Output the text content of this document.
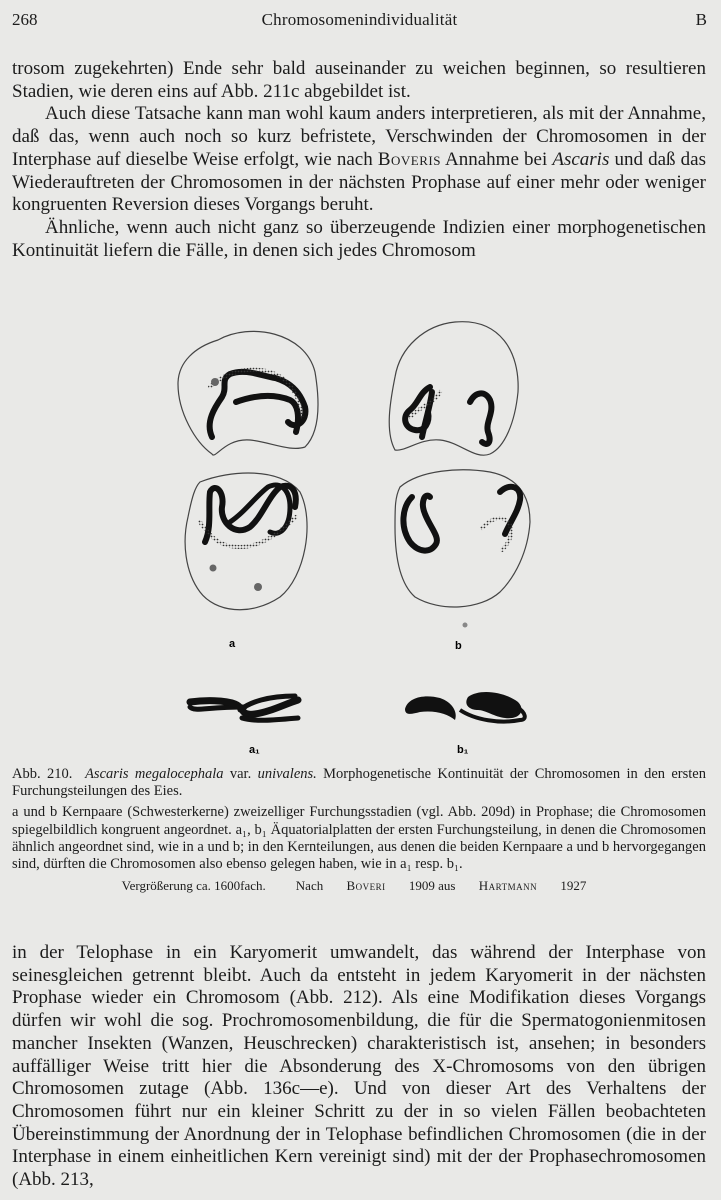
268	Chromosomenindividualität	B

trosom zugekehrten) Ende sehr bald auseinander zu weichen beginnen, so resultieren Stadien, wie deren eins auf Abb. 211c abgebildet ist.

Auch diese Tatsache kann man wohl kaum anders interpretieren, als mit der Annahme, daß das, wenn auch noch so kurz befristete, Verschwinden der Chromosomen in der Interphase auf dieselbe Weise erfolgt, wie nach Boveris Annahme bei Ascaris und daß das Wiederauftreten der Chromosomen in der nächsten Prophase auf einer mehr oder weniger kongruenten Reversion dieses Vorgangs beruht.

Ähnliche, wenn auch nicht ganz so überzeugende Indizien einer morphogenetischen Kontinuität liefern die Fälle, in denen sich jedes Chromosom

a	b
a₁	b₁

Abb. 210. Ascaris megalocephala var. univalens. Morphogenetische Kontinuität der Chromosomen in den ersten Furchungsteilungen des Eies.

a und b Kernpaare (Schwesterkerne) zweizelliger Furchungsstadien (vgl. Abb. 209d) in Prophase; die Chromosomen spiegelbildlich kongruent angeordnet. a₁, b₁ Äquatorialplatten der ersten Furchungsteilung, in denen die Chromosomen ähnlich angeordnet sind, wie in a und b; in den Kernteilungen, aus denen die beiden Kernpaare a und b hervorgegangen sind, dürften die Chromosomen also ebenso gelegen haben, wie in a₁ resp. b₁.

Vergrößerung ca. 1600fach. Nach Boveri 1909 aus Hartmann 1927

in der Telophase in ein Karyomerit umwandelt, das während der Interphase von seinesgleichen getrennt bleibt. Auch da entsteht in jedem Karyomerit in der nächsten Prophase wieder ein Chromosom (Abb. 212). Als eine Modifikation dieses Vorgangs dürfen wir wohl die sog. Prochromosomenbildung, die für die Spermatogonienmitosen mancher Insekten (Wanzen, Heuschrecken) charakteristisch ist, ansehen; in besonders auffälliger Weise tritt hier die Absonderung des X-Chromosoms von den übrigen Chromosomen zutage (Abb. 136c—e). Und von dieser Art des Verhaltens der Chromosomen führt nur ein kleiner Schritt zu der in so vielen Fällen beobachteten Übereinstimmung der Anordnung der in Telophase befindlichen Chromosomen (die in der Interphase in einem einheitlichen Kern vereinigt sind) mit der der Prophasechromosomen (Abb. 213,
